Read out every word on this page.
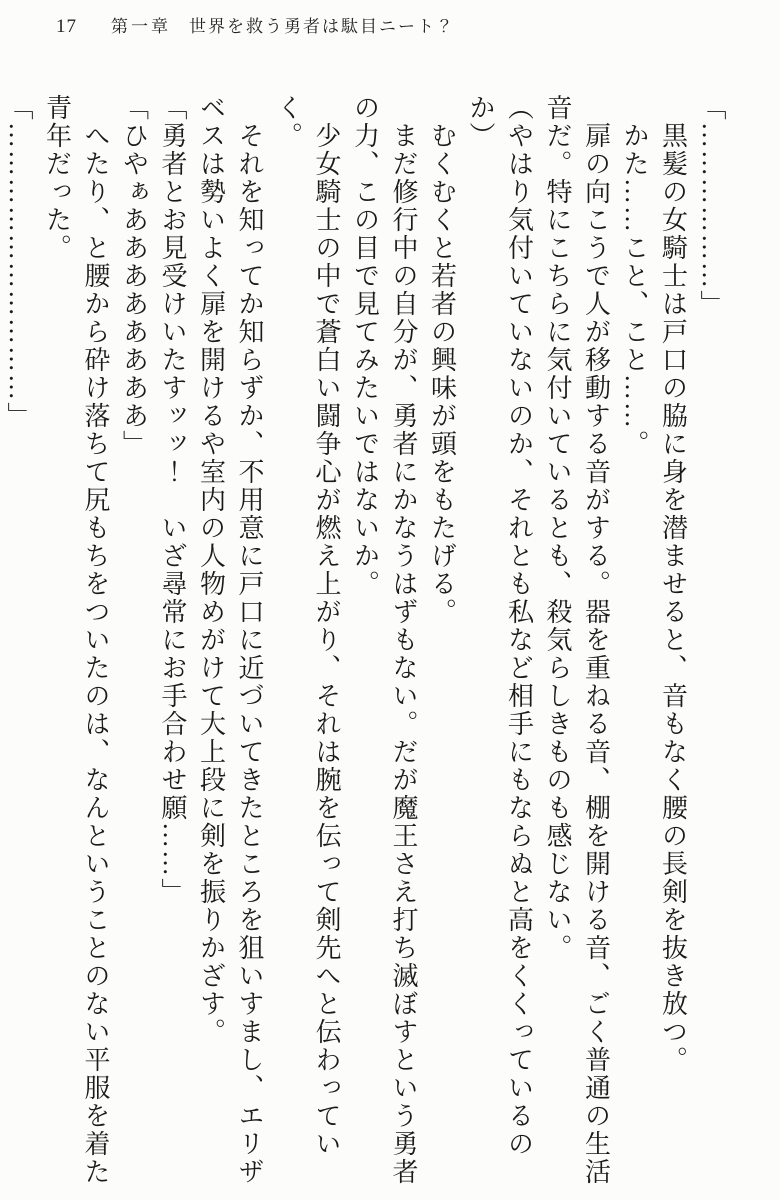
17 第一章 世界を救う勇者は駄目ニート？

「………………」

黒髪の女騎士は戸口の脇に身を潜ませると、音もなく腰の長剣を抜き放つ。

かた……こと、こと……。

扉の向こうで人が移動する音がする。器を重ねる音、棚を開ける音、ごく普通の生活音だ。特にこちらに気付いているとも、殺気らしきものも感じない。

（やはり気付いていないのか、それとも私など相手にもならぬと高をくくっているのか）

むくむくと若者の興味が頭をもたげる。

まだ修行中の自分が、勇者にかなうはずもない。だが魔王さえ打ち滅ぼすという勇者の力、この目で見てみたいではないか。

少女騎士の中で蒼白い闘争心が燃え上がり、それは腕を伝って剣先へと伝わっていく。

それを知ってか知らずか、不用意に戸口に近づいてきたところを狙いすまし、エリザベスは勢いよく扉を開けるや室内の人物めがけて大上段に剣を振りかざす。

「勇者とお見受けいたすッッ！　いざ尋常にお手合わせ願……」

「ひやぁああああああああ」

へたり、と腰から砕け落ちて尻もちをついたのは、なんということのない平服を着た青年だった。

「…………………………」
